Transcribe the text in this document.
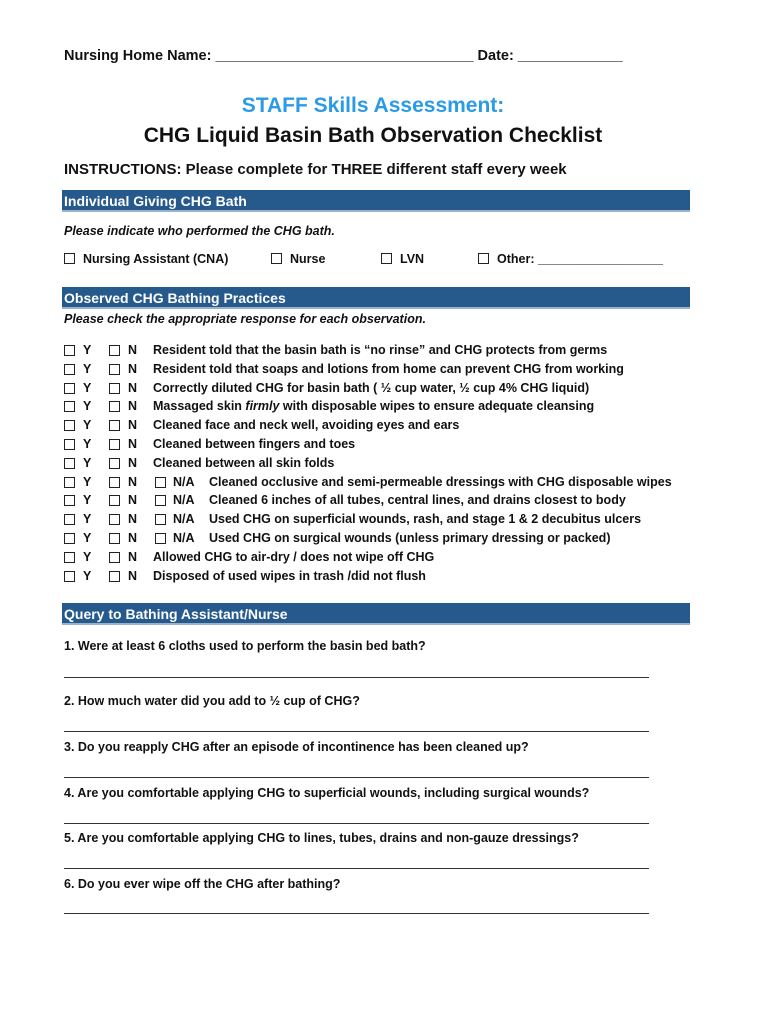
Nursing Home Name: ________________________________ Date: _____________
STAFF Skills Assessment:
CHG Liquid Basin Bath Observation Checklist
INSTRUCTIONS: Please complete for THREE different staff every week
Individual Giving CHG Bath
Please indicate who performed the CHG bath.
Nursing Assistant (CNA)	Nurse	LVN	Other: __________________
Observed CHG Bathing Practices
Please check the appropriate response for each observation.
Y	N Resident told that the basin bath is “no rinse” and CHG protects from germs
Y	N Resident told that soaps and lotions from home can prevent CHG from working
Y	N Correctly diluted CHG for basin bath ( ½ cup water, ½ cup 4% CHG liquid)
Y	N Massaged skin firmly with disposable wipes to ensure adequate cleansing
Y	N Cleaned face and neck well, avoiding eyes and ears
Y	N Cleaned between fingers and toes
Y	N Cleaned between all skin folds
Y	N	N/A Cleaned occlusive and semi-permeable dressings with CHG disposable wipes
Y	N	N/A Cleaned 6 inches of all tubes, central lines, and drains closest to body
Y	N	N/A Used CHG on superficial wounds, rash, and stage 1 & 2 decubitus ulcers
Y	N	N/A Used CHG on surgical wounds (unless primary dressing or packed)
Y	N Allowed CHG to air-dry / does not wipe off CHG
Y	N Disposed of used wipes in trash /did not flush
Query to Bathing Assistant/Nurse
1. Were at least 6 cloths used to perform the basin bed bath?
2. How much water did you add to ½ cup of CHG?
3. Do you reapply CHG after an episode of incontinence has been cleaned up?
4. Are you comfortable applying CHG to superficial wounds, including surgical wounds?
5. Are you comfortable applying CHG to lines, tubes, drains and non-gauze dressings?
6. Do you ever wipe off the CHG after bathing?
